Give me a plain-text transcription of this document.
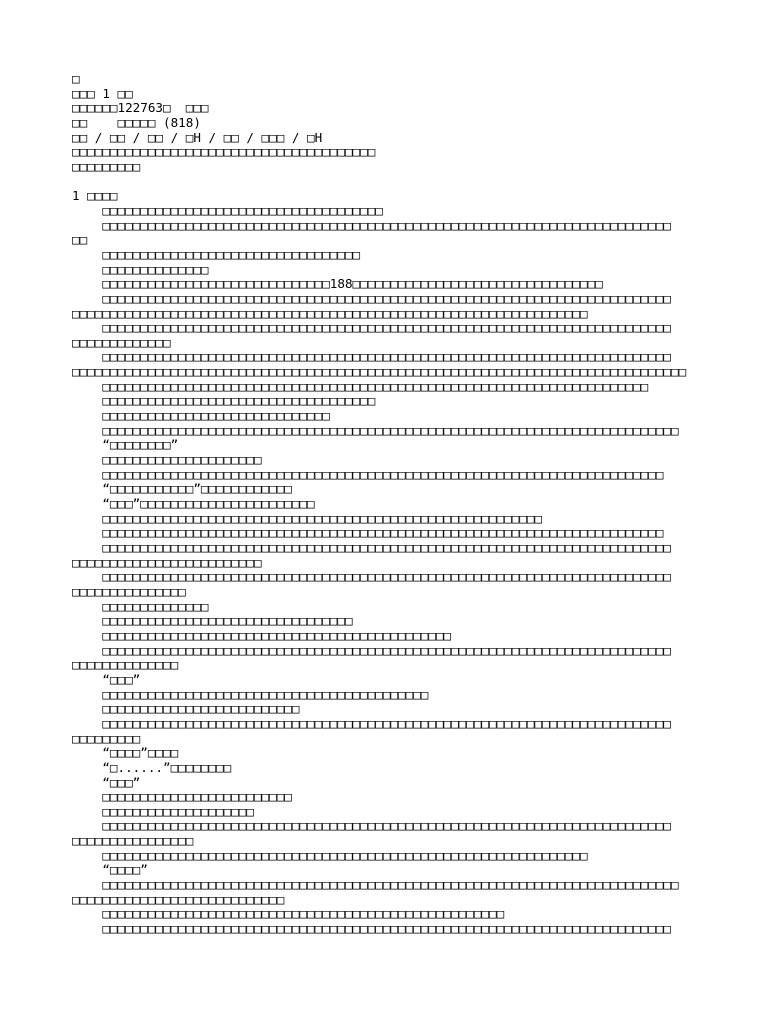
□

□□□ 1 □□

□□□□□□122763□  □□□

□□    □□□□□ (818)

□□ / □□ / □□ / □H / □□ / □□□ / □H

□□□□□□□□□□□□□□□□□□□□□□□□□□□□□□□□□□□□□□□□

□□□□□□□□□

1 □□□□

□□□□□□□□□□□□□□□□□□□□□□□□□□□□□□□□□□□□□

□□□□□□□□□□□□□□□□□□□□□□□□□□□□□□□□□□□□□□□□□□□□□□□□□□□□□□□□□□□□□□□□□□□□□□□□□□□

□□

□□□□□□□□□□□□□□□□□□□□□□□□□□□□□□□□□□

□□□□□□□□□□□□□□

□□□□□□□□□□□□□□□□□□□□□□□□□□□□□□188□□□□□□□□□□□□□□□□□□□□□□□□□□□□□□□□□

□□□□□□□□□□□□□□□□□□□□□□□□□□□□□□□□□□□□□□□□□□□□□□□□□□□□□□□□□□□□□□□□□□□□□□□□□□□

□□□□□□□□□□□□□□□□□□□□□□□□□□□□□□□□□□□□□□□□□□□□□□□□□□□□□□□□□□□□□□□□□□□□

□□□□□□□□□□□□□□□□□□□□□□□□□□□□□□□□□□□□□□□□□□□□□□□□□□□□□□□□□□□□□□□□□□□□□□□□□□□

□□□□□□□□□□□□□

□□□□□□□□□□□□□□□□□□□□□□□□□□□□□□□□□□□□□□□□□□□□□□□□□□□□□□□□□□□□□□□□□□□□□□□□□□□

□□□□□□□□□□□□□□□□□□□□□□□□□□□□□□□□□□□□□□□□□□□□□□□□□□□□□□□□□□□□□□□□□□□□□□□□□□□□□□□□□

□□□□□□□□□□□□□□□□□□□□□□□□□□□□□□□□□□□□□□□□□□□□□□□□□□□□□□□□□□□□□□□□□□□□□□□□

□□□□□□□□□□□□□□□□□□□□□□□□□□□□□□□□□□□□

□□□□□□□□□□□□□□□□□□□□□□□□□□□□□□

□□□□□□□□□□□□□□□□□□□□□□□□□□□□□□□□□□□□□□□□□□□□□□□□□□□□□□□□□□□□□□□□□□□□□□□□□□□□

“□□□□□□□□”

□□□□□□□□□□□□□□□□□□□□□

□□□□□□□□□□□□□□□□□□□□□□□□□□□□□□□□□□□□□□□□□□□□□□□□□□□□□□□□□□□□□□□□□□□□□□□□□□

“□□□□□□□□□□□”□□□□□□□□□□□□

“□□□”□□□□□□□□□□□□□□□□□□□□□□□

□□□□□□□□□□□□□□□□□□□□□□□□□□□□□□□□□□□□□□□□□□□□□□□□□□□□□□□□□□

□□□□□□□□□□□□□□□□□□□□□□□□□□□□□□□□□□□□□□□□□□□□□□□□□□□□□□□□□□□□□□□□□□□□□□□□□□

□□□□□□□□□□□□□□□□□□□□□□□□□□□□□□□□□□□□□□□□□□□□□□□□□□□□□□□□□□□□□□□□□□□□□□□□□□□

□□□□□□□□□□□□□□□□□□□□□□□□□

□□□□□□□□□□□□□□□□□□□□□□□□□□□□□□□□□□□□□□□□□□□□□□□□□□□□□□□□□□□□□□□□□□□□□□□□□□□

□□□□□□□□□□□□□□□

□□□□□□□□□□□□□□

□□□□□□□□□□□□□□□□□□□□□□□□□□□□□□□□□

□□□□□□□□□□□□□□□□□□□□□□□□□□□□□□□□□□□□□□□□□□□□□□

□□□□□□□□□□□□□□□□□□□□□□□□□□□□□□□□□□□□□□□□□□□□□□□□□□□□□□□□□□□□□□□□□□□□□□□□□□□

□□□□□□□□□□□□□□

“□□□”

□□□□□□□□□□□□□□□□□□□□□□□□□□□□□□□□□□□□□□□□□□□

□□□□□□□□□□□□□□□□□□□□□□□□□□

□□□□□□□□□□□□□□□□□□□□□□□□□□□□□□□□□□□□□□□□□□□□□□□□□□□□□□□□□□□□□□□□□□□□□□□□□□□

□□□□□□□□□

“□□□□”□□□□

“□......”□□□□□□□□

“□□□”

□□□□□□□□□□□□□□□□□□□□□□□□□

□□□□□□□□□□□□□□□□□□□□

□□□□□□□□□□□□□□□□□□□□□□□□□□□□□□□□□□□□□□□□□□□□□□□□□□□□□□□□□□□□□□□□□□□□□□□□□□□

□□□□□□□□□□□□□□□□

□□□□□□□□□□□□□□□□□□□□□□□□□□□□□□□□□□□□□□□□□□□□□□□□□□□□□□□□□□□□□□□□

“□□□□”

□□□□□□□□□□□□□□□□□□□□□□□□□□□□□□□□□□□□□□□□□□□□□□□□□□□□□□□□□□□□□□□□□□□□□□□□□□□□

□□□□□□□□□□□□□□□□□□□□□□□□□□□□

□□□□□□□□□□□□□□□□□□□□□□□□□□□□□□□□□□□□□□□□□□□□□□□□□□□□□

□□□□□□□□□□□□□□□□□□□□□□□□□□□□□□□□□□□□□□□□□□□□□□□□□□□□□□□□□□□□□□□□□□□□□□□□□□□
